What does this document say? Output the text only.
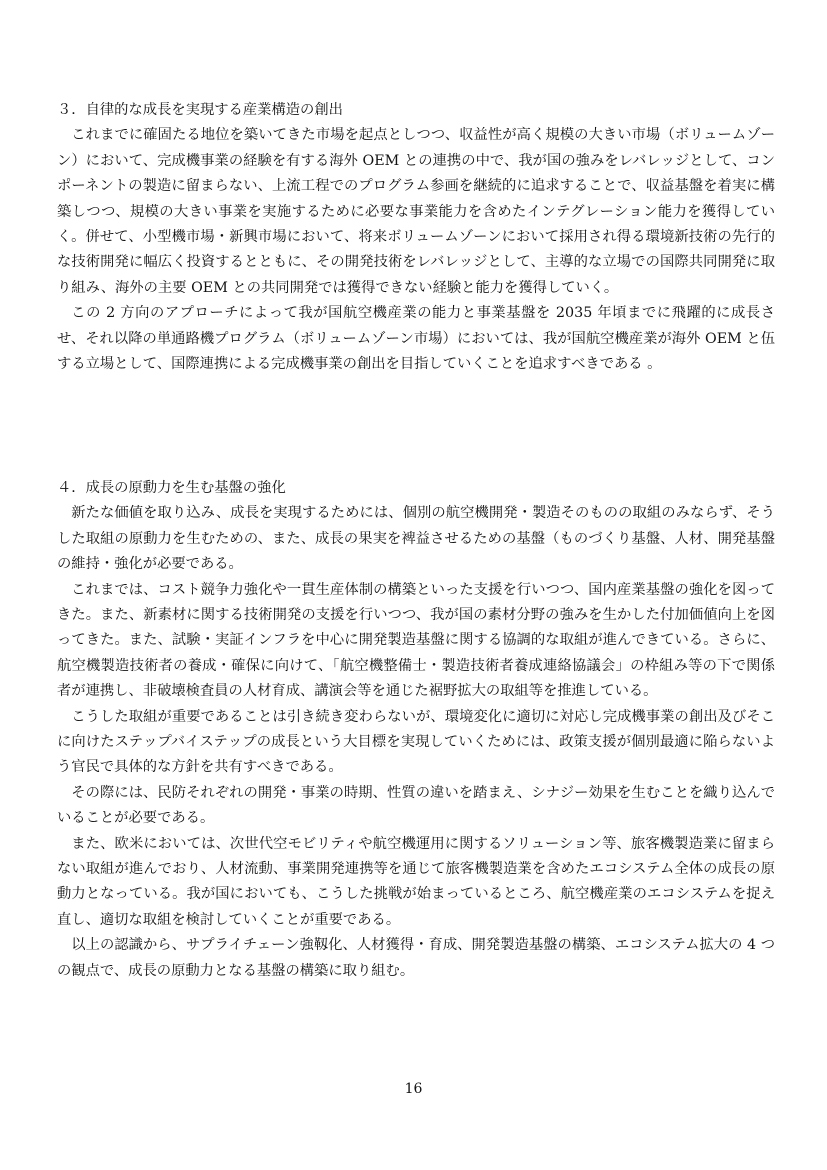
３．自律的な成長を実現する産業構造の創出

これまでに確固たる地位を築いてきた市場を起点としつつ、収益性が高く規模の大きい市場（ボリュームゾーン）において、完成機事業の経験を有する海外 OEM との連携の中で、我が国の強みをレバレッジとして、コンポーネントの製造に留まらない、上流工程でのプログラム参画を継続的に追求することで、収益基盤を着実に構築しつつ、規模の大きい事業を実施するために必要な事業能力を含めたインテグレーション能力を獲得していく。併せて、小型機市場・新興市場において、将来ボリュームゾーンにおいて採用され得る環境新技術の先行的な技術開発に幅広く投資するとともに、その開発技術をレバレッジとして、主導的な立場での国際共同開発に取り組み、海外の主要 OEM との共同開発では獲得できない経験と能力を獲得していく。

この 2 方向のアプローチによって我が国航空機産業の能力と事業基盤を 2035 年頃までに飛躍的に成長させ、それ以降の単通路機プログラム（ボリュームゾーン市場）においては、我が国航空機産業が海外 OEM と伍する立場として、国際連携による完成機事業の創出を目指していくことを追求すべきである 。

４．成長の原動力を生む基盤の強化

新たな価値を取り込み、成長を実現するためには、個別の航空機開発・製造そのものの取組のみならず、そうした取組の原動力を生むための、また、成長の果実を裨益させるための基盤（ものづくり基盤、人材、開発基盤の維持・強化が必要である。

これまでは、コスト競争力強化や一貫生産体制の構築といった支援を行いつつ、国内産業基盤の強化を図ってきた。また、新素材に関する技術開発の支援を行いつつ、我が国の素材分野の強みを生かした付加価値向上を図ってきた。また、試験・実証インフラを中心に開発製造基盤に関する協調的な取組が進んできている。さらに、航空機製造技術者の養成・確保に向けて、「航空機整備士・製造技術者養成連絡協議会」の枠組み等の下で関係者が連携し、非破壊検査員の人材育成、講演会等を通じた裾野拡大の取組等を推進している。

こうした取組が重要であることは引き続き変わらないが、環境変化に適切に対応し完成機事業の創出及びそこに向けたステップバイステップの成長という大目標を実現していくためには、政策支援が個別最適に陥らないよう官民で具体的な方針を共有すべきである。

その際には、民防それぞれの開発・事業の時期、性質の違いを踏まえ、シナジー効果を生むことを織り込んでいることが必要である。

また、欧米においては、次世代空モビリティや航空機運用に関するソリューション等、旅客機製造業に留まらない取組が進んでおり、人材流動、事業開発連携等を通じて旅客機製造業を含めたエコシステム全体の成長の原動力となっている。我が国においても、こうした挑戦が始まっているところ、航空機産業のエコシステムを捉え直し、適切な取組を検討していくことが重要である。

以上の認識から、サプライチェーン強靱化、人材獲得・育成、開発製造基盤の構築、エコシステム拡大の 4 つの観点で、成長の原動力となる基盤の構築に取り組む。

16
